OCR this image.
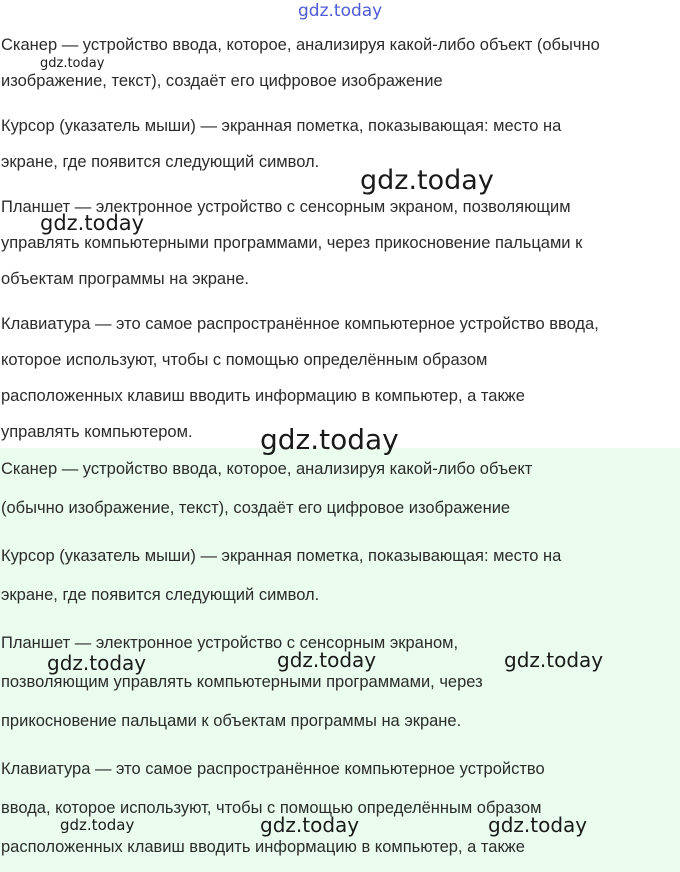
Сканер — устройство ввода, которое, анализируя какой-либо объект (обычно
изображение, текст), создаёт его цифровое изображение
Курсор (указатель мыши) — экранная пометка, показывающая: место на
экране, где появится следующий символ.
Планшет — электронное устройство с сенсорным экраном, позволяющим
управлять компьютерными программами, через прикосновение пальцами к
объектам программы на экране.
Клавиатура — это самое распространённое компьютерное устройство ввода,
которое используют, чтобы с помощью определённым образом
расположенных клавиш вводить информацию в компьютер, а также
управлять компьютером.
Сканер — устройство ввода, которое, анализируя какой-либо объект
(обычно изображение, текст), создаёт его цифровое изображение
Курсор (указатель мыши) — экранная пометка, показывающая: место на
экране, где появится следующий символ.
Планшет — электронное устройство с сенсорным экраном,
позволяющим управлять компьютерными программами, через
прикосновение пальцами к объектам программы на экране.
Клавиатура — это самое распространённое компьютерное устройство
ввода, которое используют, чтобы с помощью определённым образом
расположенных клавиш вводить информацию в компьютер, а также
gdz.today
gdz.today
gdz.today
gdz.today
gdz.today
gdz.today	gdz.today	gdz.today
gdz.today	gdz.today	gdz.today
